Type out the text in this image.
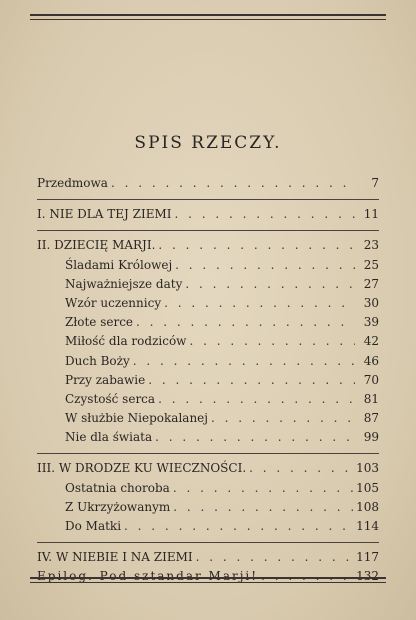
SPIS RZECZY.
Przedmowa . . .	7
I. NIE DLA TEJ ZIEMI . . .	11
II. DZIECIĘ MARJI. . . .	23
Śladami Królowej . . .	25
Najważniejsze daty . . .	27
Wzór uczennicy . . .	30
Złote serce . . .	39
Miłość dla rodziców . . .	42
Duch Boży . . .	46
Przy zabawie . . .	70
Czystość serca . . .	81
W służbie Niepokalanej . . .	87
Nie dla świata . . .	99
III. W DRODZE KU WIECZNOŚCI. . . .	103
Ostatnia choroba . . .	105
Z Ukrzyżowanym . . .	108
Do Matki . . .	114
IV. W NIEBIE I NA ZIEMI . . .	117
Epilog. Pod sztandar Marji! . . .	132
